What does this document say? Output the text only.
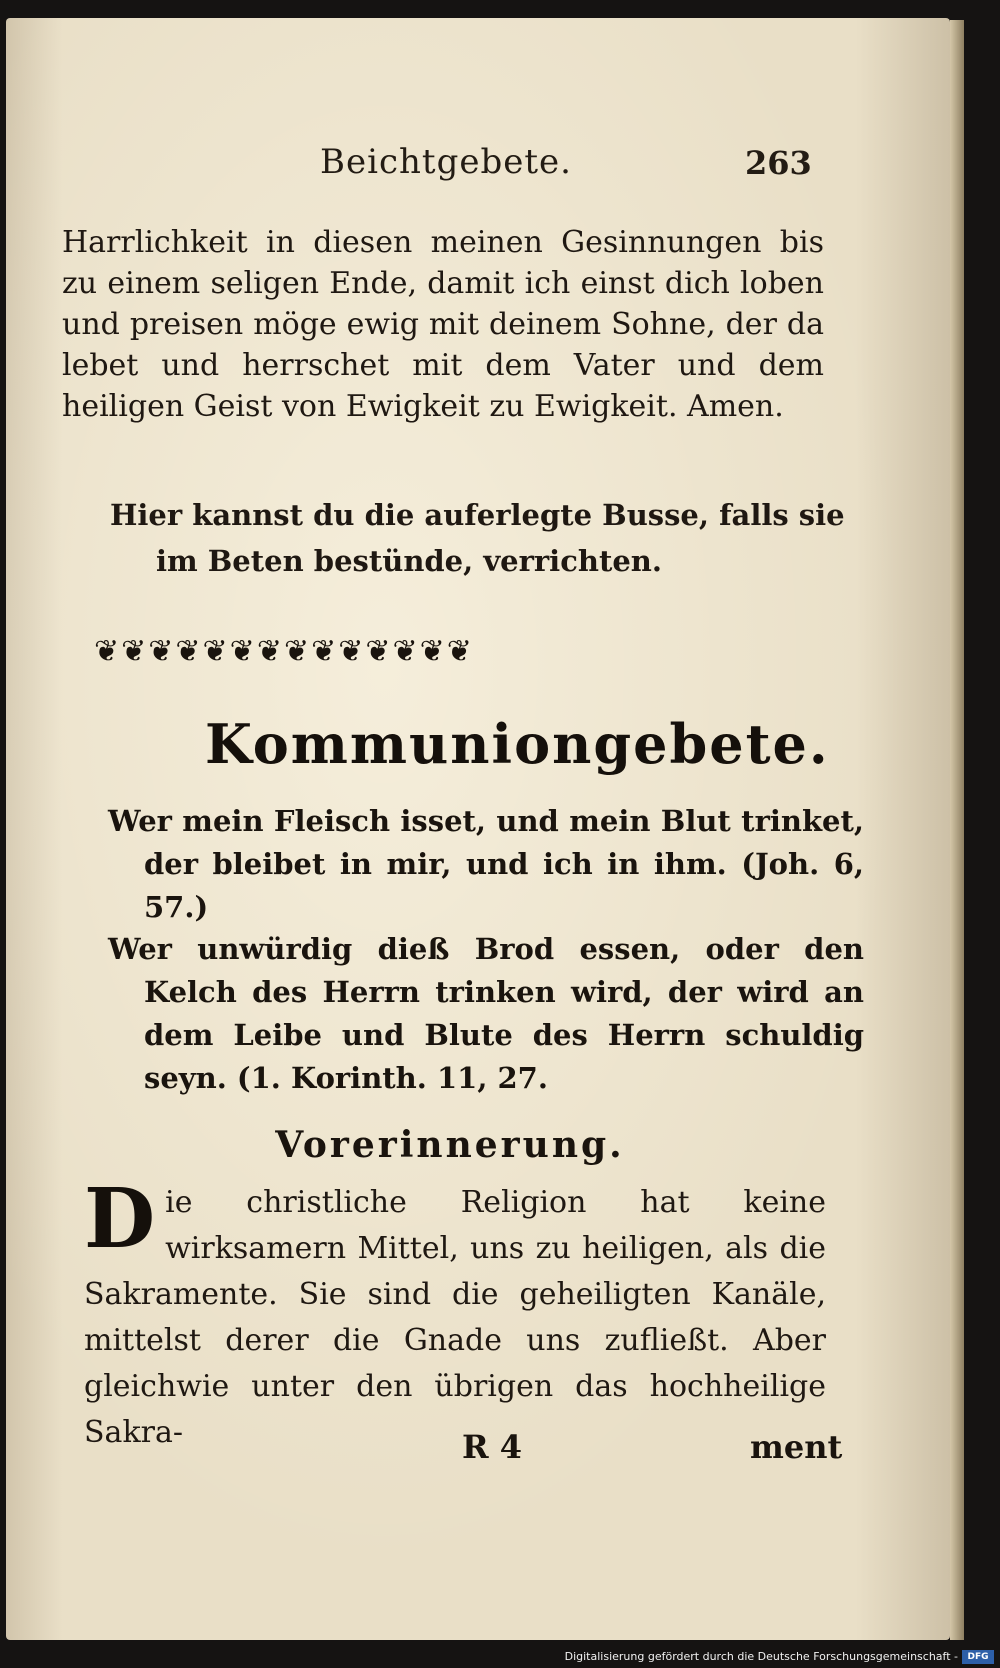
Beichtgebete.	263

Harrlichkeit in diesen meinen Gesinnungen bis zu einem seligen Ende, damit ich einst dich loben und preisen möge ewig mit deinem Sohne, der da lebet und herrschet mit dem Vater und dem heiligen Geist von Ewigkeit zu Ewigkeit. Amen.

Hier kannst du die auferlegte Busse, falls sie im Beten bestünde, verrichten.
❦❦❦❦❦❦❦❦❦❦❦❦❦❦
Kommuniongebete.
Wer mein Fleisch isset, und mein Blut trinket, der bleibet in mir, und ich in ihm. (Joh. 6, 57.)
Wer unwürdig dieß Brod essen, oder den Kelch des Herrn trinken wird, der wird an dem Leibe und Blute des Herrn schuldig seyn. (1. Korinth. 11, 27.
Vorerinnerung.
Die christliche Religion hat keine wirksamern Mittel, uns zu heiligen, als die Sakramente. Sie sind die geheiligten Kanäle, mittelst derer die Gnade uns zufließt. Aber gleichwie unter den übrigen das hochheilige Sakra-	R 4	ment
Digitalisierung gefördert durch die Deutsche Forschungsgemeinschaft -	DFG
